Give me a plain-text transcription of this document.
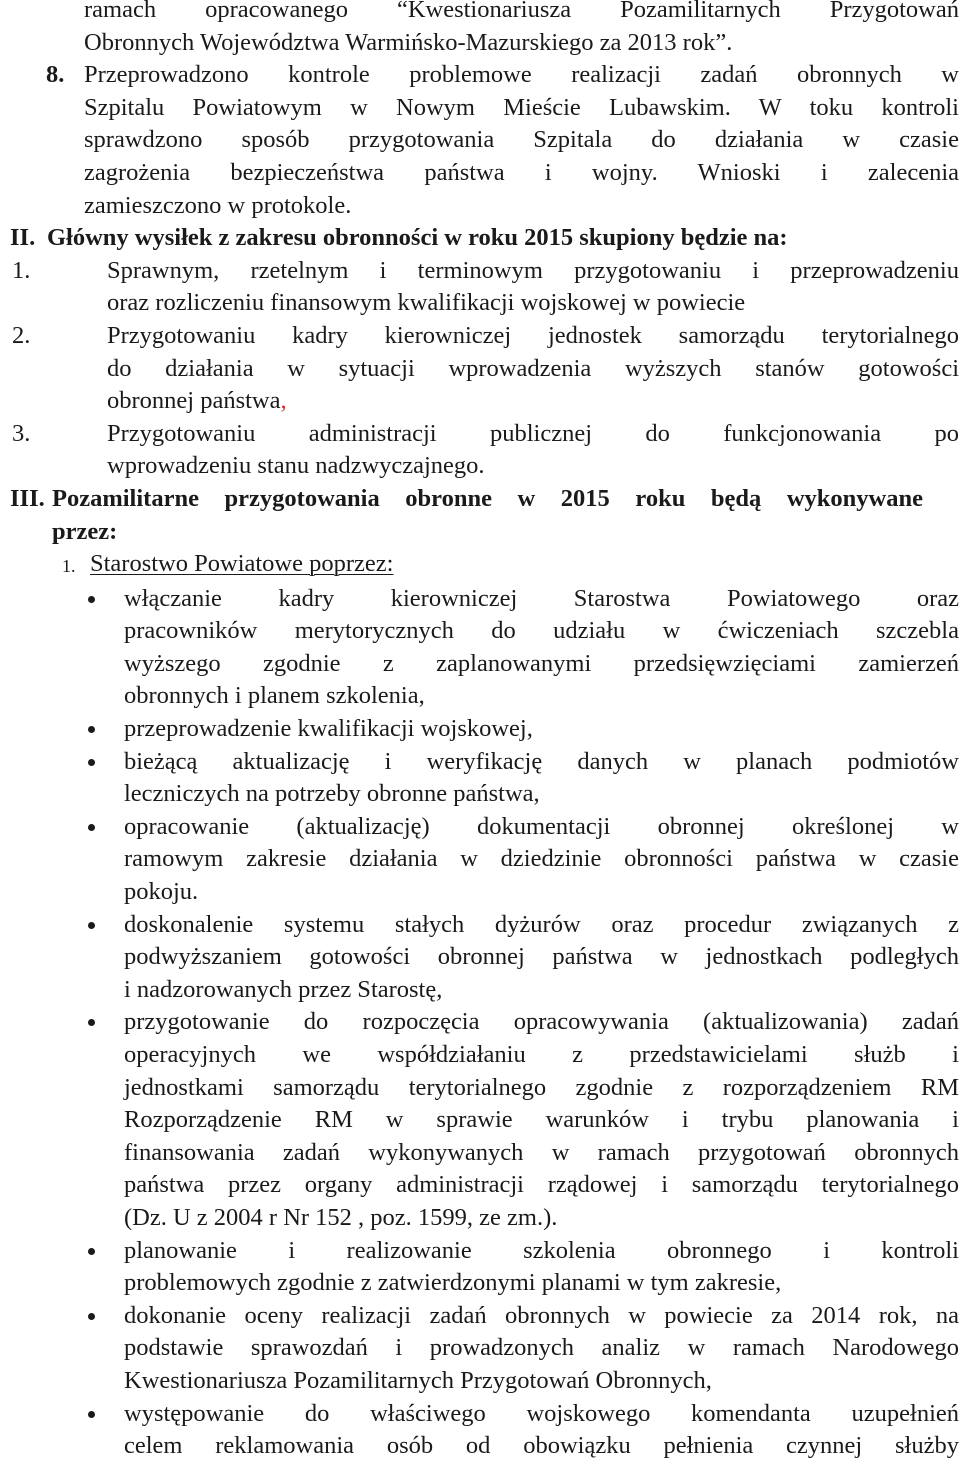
ramach opracowanego “Kwestionariusza Pozamilitarnych Przygotowań
Obronnych Województwa Warmińsko-Mazurskiego za 2013 rok”.
8. Przeprowadzono kontrole problemowe realizacji zadań obronnych w
Szpitalu Powiatowym w Nowym Mieście Lubawskim. W toku kontroli
sprawdzono sposób przygotowania Szpitala do działania w czasie
zagrożenia bezpieczeństwa państwa i wojny. Wnioski i zalecenia
zamieszczono w protokole.
II. Główny wysiłek z zakresu obronności w roku 2015 skupiony będzie na:
1.	Sprawnym, rzetelnym i terminowym przygotowaniu i przeprowadzeniu
oraz rozliczeniu finansowym kwalifikacji wojskowej w powiecie
2.	Przygotowaniu kadry kierowniczej jednostek samorządu terytorialnego
do działania w sytuacji wprowadzenia wyższych stanów gotowości
obronnej państwa,
3.	Przygotowaniu administracji publicznej do funkcjonowania po
wprowadzeniu stanu nadzwyczajnego.
III. Pozamilitarne przygotowania obronne w 2015 roku będą wykonywane
przez:
1. Starostwo Powiatowe poprzez:
włączanie kadry kierowniczej Starostwa Powiatowego oraz
pracowników merytorycznych do udziału w ćwiczeniach szczebla
wyższego zgodnie z zaplanowanymi przedsięwzięciami zamierzeń
obronnych i planem szkolenia,
przeprowadzenie kwalifikacji wojskowej,
bieżącą aktualizację i weryfikację danych w planach podmiotów
leczniczych na potrzeby obronne państwa,
opracowanie (aktualizację) dokumentacji obronnej określonej w
ramowym zakresie działania w dziedzinie obronności państwa w czasie
pokoju.
doskonalenie systemu stałych dyżurów oraz procedur związanych z
podwyższaniem gotowości obronnej państwa w jednostkach podległych
i nadzorowanych przez Starostę,
przygotowanie do rozpoczęcia opracowywania (aktualizowania) zadań
operacyjnych we współdziałaniu z przedstawicielami służb i
jednostkami samorządu terytorialnego zgodnie z rozporządzeniem RM
Rozporządzenie RM w sprawie warunków i trybu planowania i
finansowania zadań wykonywanych w ramach przygotowań obronnych
państwa przez organy administracji rządowej i samorządu terytorialnego
(Dz. U z 2004 r Nr 152 , poz. 1599, ze zm.).
planowanie i realizowanie szkolenia obronnego i kontroli
problemowych zgodnie z zatwierdzonymi planami w tym zakresie,
dokonanie oceny realizacji zadań obronnych w powiecie za 2014 rok, na
podstawie sprawozdań i prowadzonych analiz w ramach Narodowego
Kwestionariusza Pozamilitarnych Przygotowań Obronnych,
występowanie do właściwego wojskowego komendanta uzupełnień
celem reklamowania osób od obowiązku pełnienia czynnej służby
